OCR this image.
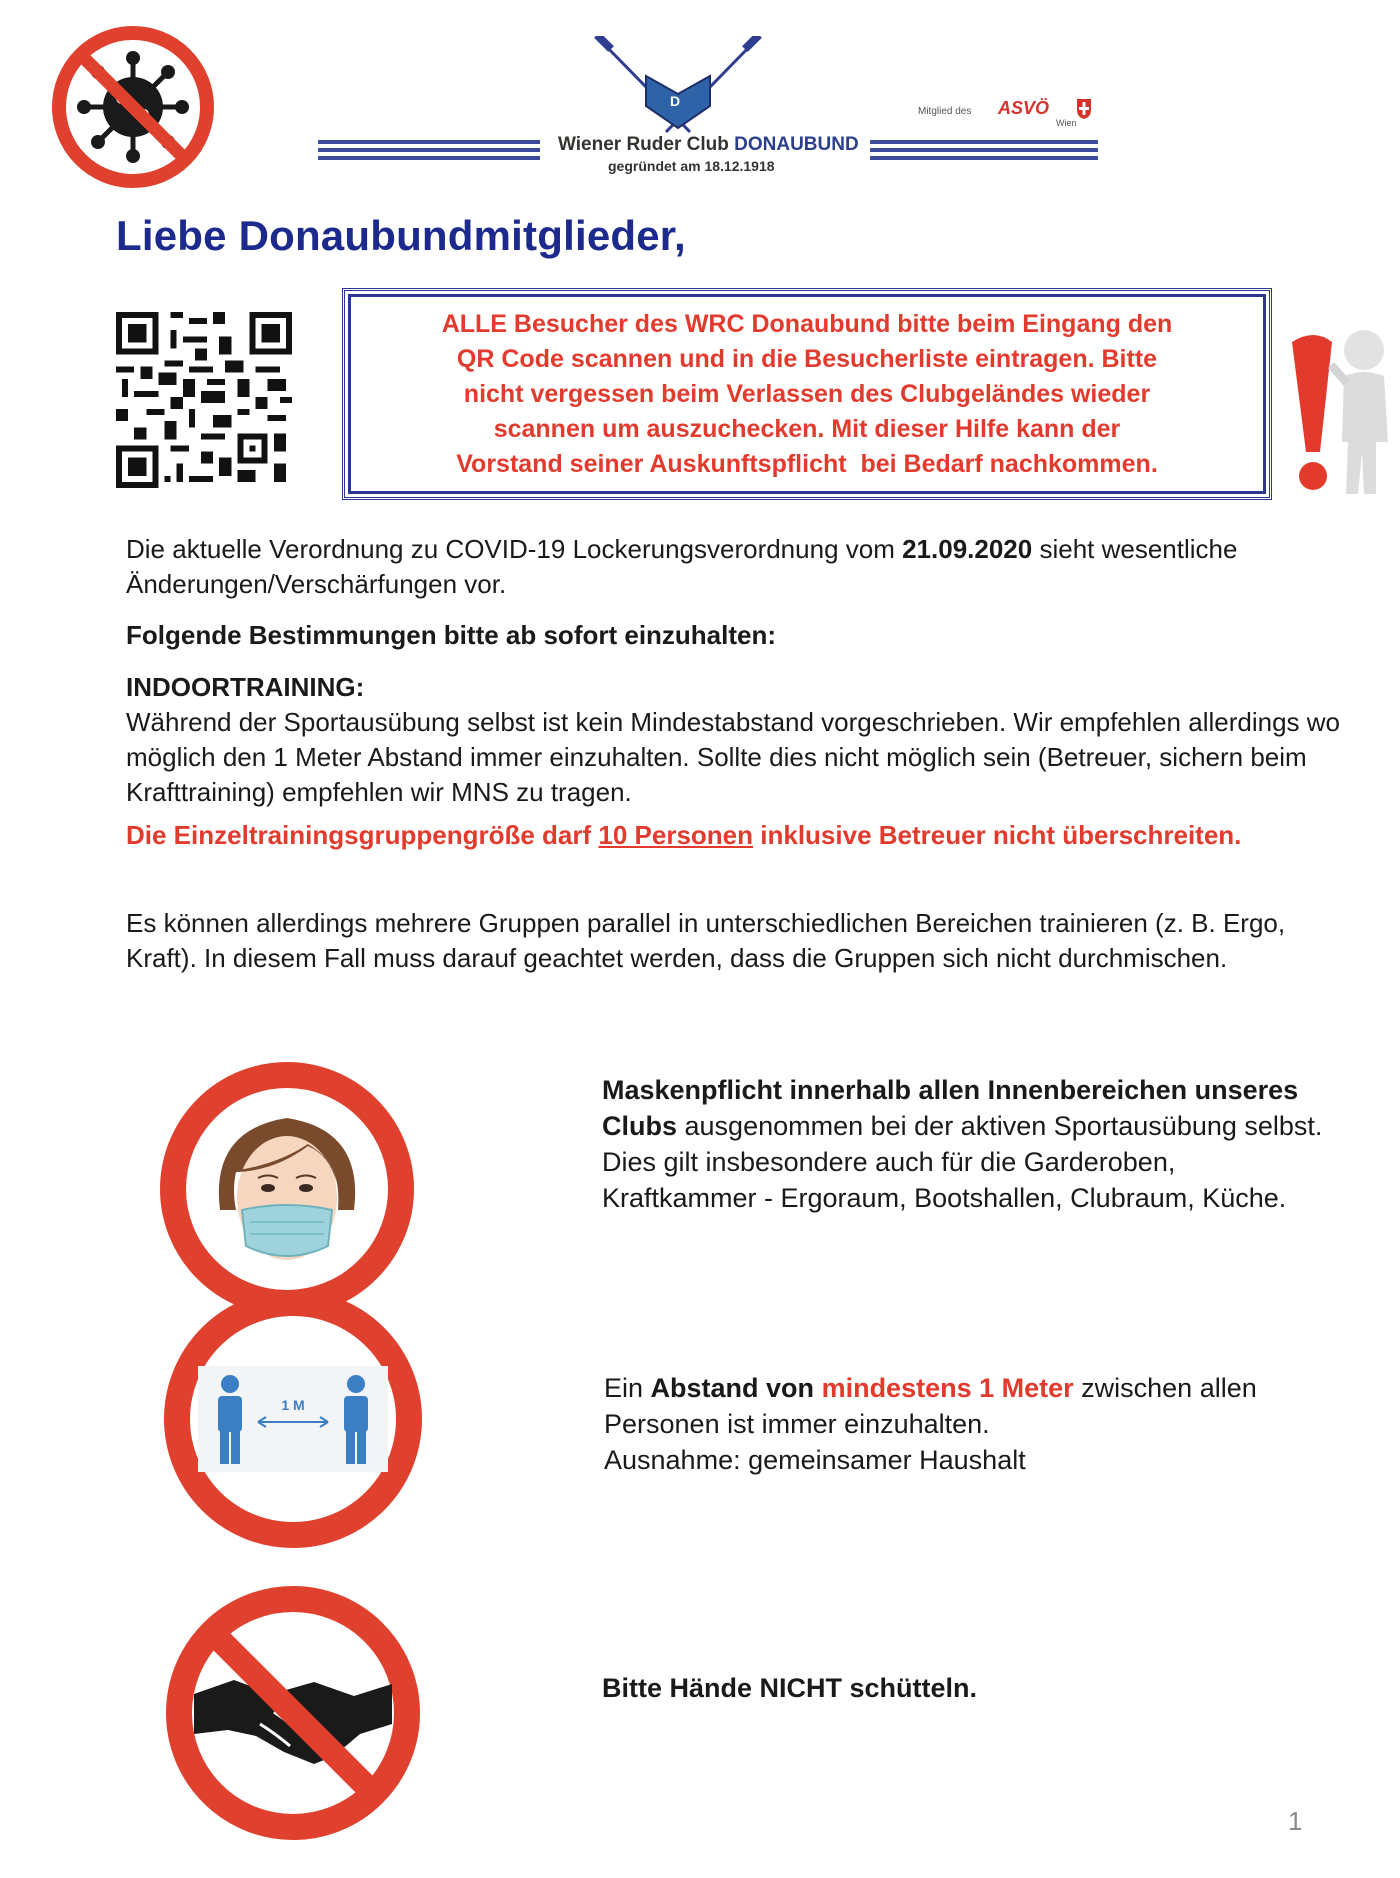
D
Wiener Ruder Club DONAUBUND
gegründet am 18.12.1918
Mitglied des ASVÖ
Wien
Liebe Donaubundmitglieder,
ALLE Besucher des WRC Donaubund bitte beim Eingang den
QR Code scannen und in die Besucherliste eintragen. Bitte
nicht vergessen beim Verlassen des Clubgeländes wieder
scannen um auszuchecken. Mit dieser Hilfe kann der
Vorstand seiner Auskunftspflicht  bei Bedarf nachkommen.
Die aktuelle Verordnung zu COVID-19 Lockerungsverordnung vom 21.09.2020 sieht wesentliche Änderungen/Verschärfungen vor.
Folgende Bestimmungen bitte ab sofort einzuhalten:
INDOORTRAINING:
Während der Sportausübung selbst ist kein Mindestabstand vorgeschrieben. Wir empfehlen allerdings wo möglich den 1 Meter Abstand immer einzuhalten. Sollte dies nicht möglich sein (Betreuer, sichern beim Krafttraining) empfehlen wir MNS zu tragen.
Die Einzeltrainingsgruppengröße darf 10 Personen inklusive Betreuer nicht überschreiten.
Es können allerdings mehrere Gruppen parallel in unterschiedlichen Bereichen trainieren (z. B. Ergo, Kraft). In diesem Fall muss darauf geachtet werden, dass die Gruppen sich nicht durchmischen.
1 M
Maskenpflicht innerhalb allen Innenbereichen unseres Clubs ausgenommen bei der aktiven Sportausübung selbst. Dies gilt insbesondere auch für die Garderoben, Kraftkammer - Ergoraum, Bootshallen, Clubraum, Küche.
Ein Abstand von mindestens 1 Meter zwischen allen Personen ist immer einzuhalten.
Ausnahme: gemeinsamer Haushalt
Bitte Hände NICHT schütteln.
1
